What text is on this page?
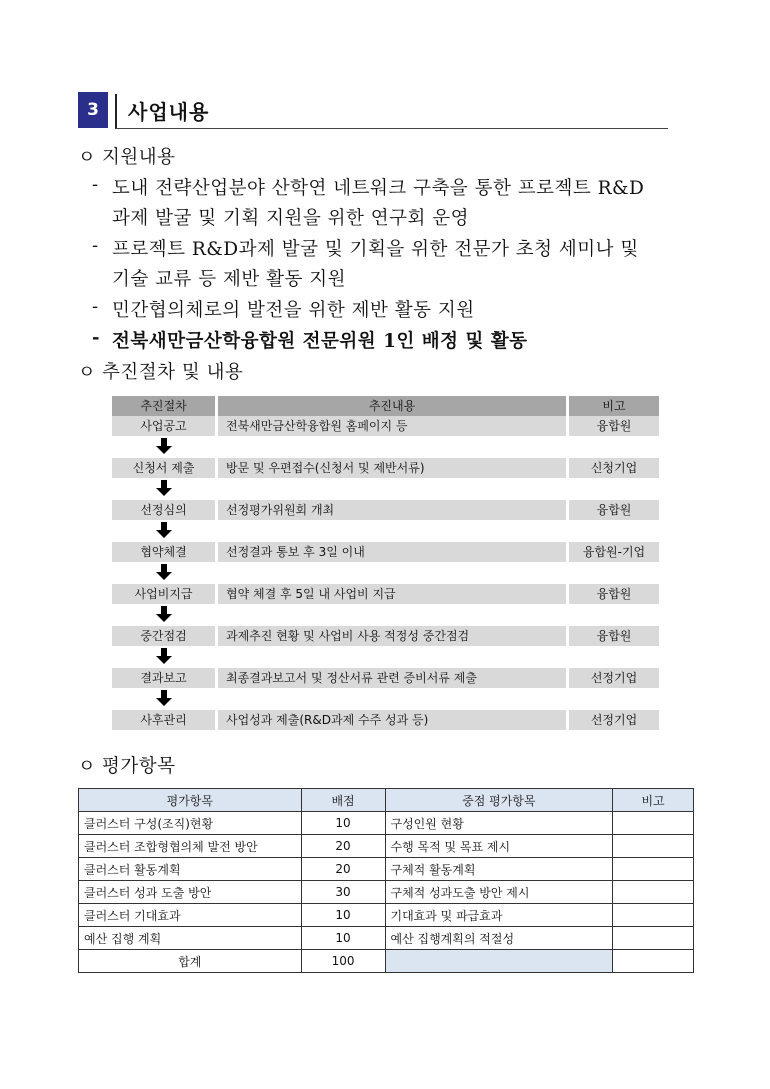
3	사업내용
ㅇ 지원내용
- 도내 전략산업분야 산학연 네트워크 구축을 통한 프로젝트 R&D
과제 발굴 및 기획 지원을 위한 연구회 운영
- 프로젝트 R&D과제 발굴 및 기획을 위한 전문가 초청 세미나 및
기술 교류 등 제반 활동 지원
- 민간협의체로의 발전을 위한 제반 활동 지원
- 전북새만금산학융합원 전문위원 1인 배정 및 활동
ㅇ 추진절차 및 내용
추진절차	추진내용	비고
사업공고	전북새만금산학융합원 홈페이지 등	융합원
신청서 제출	방문 및 우편접수(신청서 및 제반서류)	신청기업
선정심의	선정평가위원회 개최	융합원
협약체결	선정결과 통보 후 3일 이내	융합원-기업
사업비지급	협약 체결 후 5일 내 사업비 지급	융합원
중간점검	과제추진 현황 및 사업비 사용 적정성 중간점검	융합원
결과보고	최종결과보고서 및 정산서류 관련 증비서류 제출	선정기업
사후관리	사업성과 제출(R&D과제 수주 성과 등)	선정기업
ㅇ 평가항목
평가항목	배점	중점 평가항목	비고
클러스터 구성(조직)현황	10	구성인원 현황	
클러스터 조합형협의체 발전 방안	20	수행 목적 및 목표 제시	
클러스터 활동계획	20	구체적 활동계획	
클러스터 성과 도출 방안	30	구체적 성과도출 방안 제시	
클러스터 기대효과	10	기대효과 및 파급효과	
예산 집행 계획	10	예산 집행계획의 적절성	
합계	100		
